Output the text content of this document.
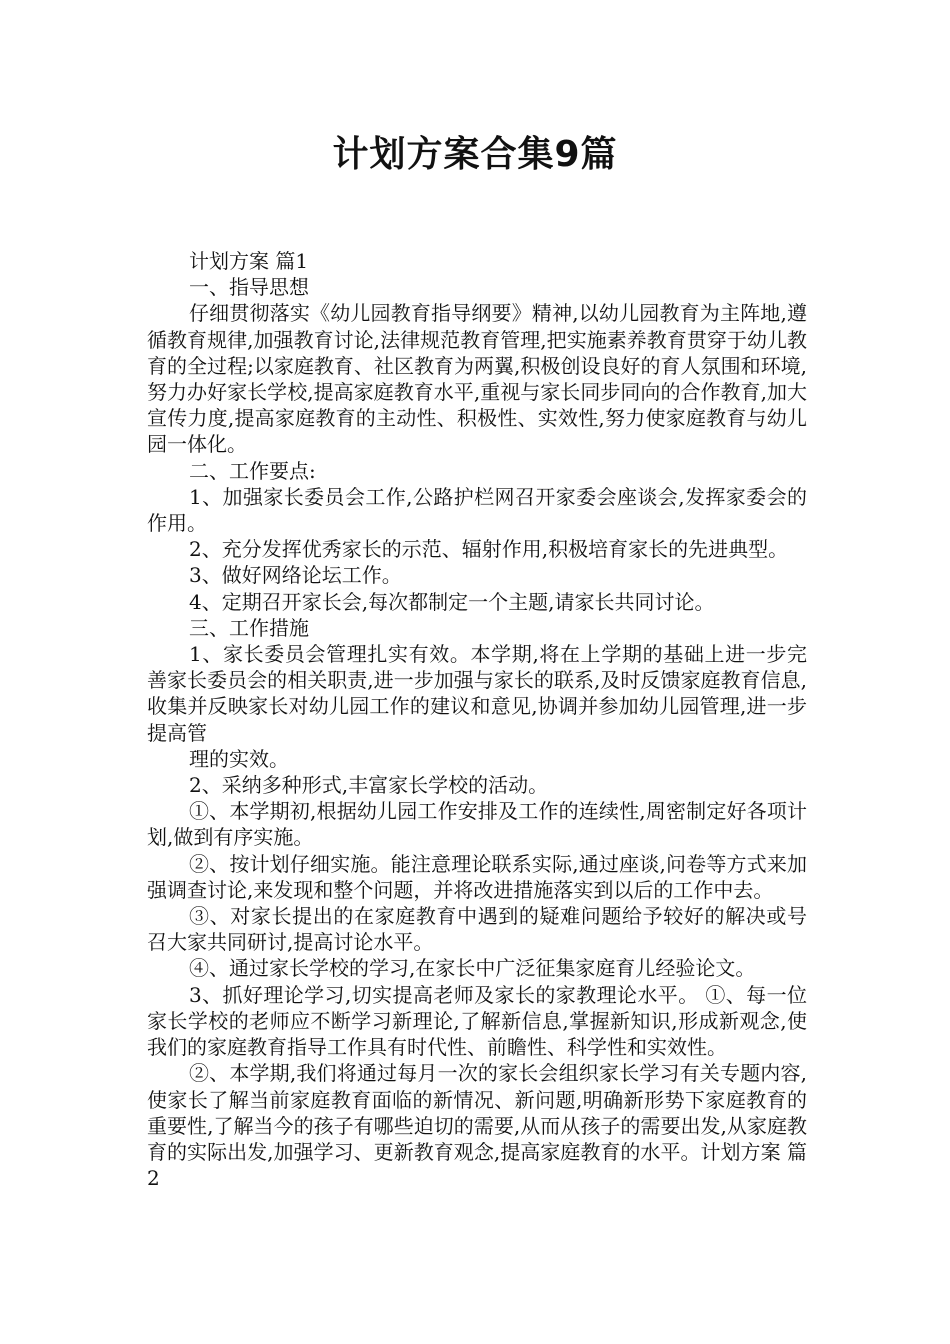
计划方案合集9篇

计划方案 篇1

一、指导思想

仔细贯彻落实《幼儿园教育指导纲要》精神,以幼儿园教育为主阵地,遵循教育规律,加强教育讨论,法律规范教育管理,把实施素养教育贯穿于幼儿教育的全过程;以家庭教育、社区教育为两翼,积极创设良好的育人氛围和环境,努力办好家长学校,提高家庭教育水平,重视与家长同步同向的合作教育,加大宣传力度,提高家庭教育的主动性、积极性、实效性,努力使家庭教育与幼儿园一体化。

二、工作要点:

1、加强家长委员会工作,公路护栏网召开家委会座谈会,发挥家委会的作用。

2、充分发挥优秀家长的示范、辐射作用,积极培育家长的先进典型。

3、做好网络论坛工作。

4、定期召开家长会,每次都制定一个主题,请家长共同讨论。

三、工作措施

1、家长委员会管理扎实有效。本学期,将在上学期的基础上进一步完善家长委员会的相关职责,进一步加强与家长的联系,及时反馈家庭教育信息,收集并反映家长对幼儿园工作的建议和意见,协调并参加幼儿园管理,进一步提高管

理的实效。

2、采纳多种形式,丰富家长学校的活动。

①、本学期初,根据幼儿园工作安排及工作的连续性,周密制定好各项计划,做到有序实施。

②、按计划仔细实施。能注意理论联系实际,通过座谈,问卷等方式来加强调查讨论,来发现和整个问题，并将改进措施落实到以后的工作中去。

③、对家长提出的在家庭教育中遇到的疑难问题给予较好的解决或号召大家共同研讨,提高讨论水平。

④、通过家长学校的学习,在家长中广泛征集家庭育儿经验论文。

3、抓好理论学习,切实提高老师及家长的家教理论水平。 ①、每一位家长学校的老师应不断学习新理论,了解新信息,掌握新知识,形成新观念,使我们的家庭教育指导工作具有时代性、前瞻性、科学性和实效性。

②、本学期,我们将通过每月一次的家长会组织家长学习有关专题内容,使家长了解当前家庭教育面临的新情况、新问题,明确新形势下家庭教育的重要性,了解当今的孩子有哪些迫切的需要,从而从孩子的需要出发,从家庭教育的实际出发,加强学习、更新教育观念,提高家庭教育的水平。计划方案 篇2
